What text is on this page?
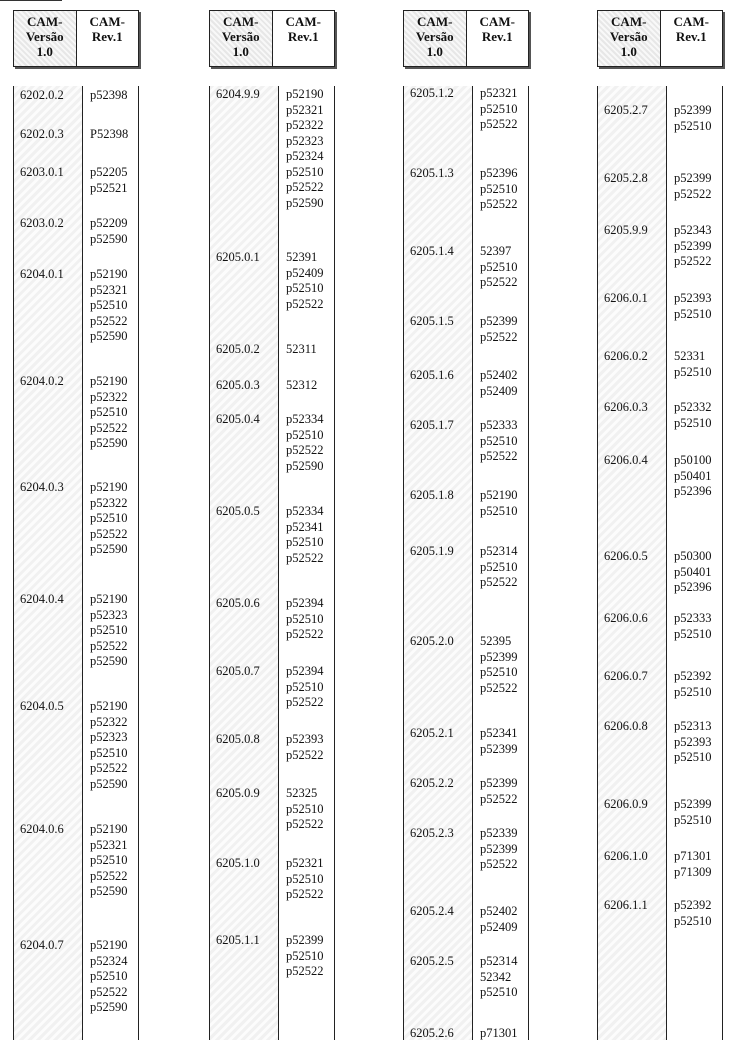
CAM-
Versão
1.0
CAM-
Rev.1
6202.0.2 p52398
6202.0.3 P52398
6203.0.1 p52205
p52521
6203.0.2 p52209
p52590
6204.0.1 p52190
p52321
p52510
p52522
p52590
6204.0.2 p52190
p52322
p52510
p52522
p52590
6204.0.3 p52190
p52322
p52510
p52522
p52590
6204.0.4 p52190
p52323
p52510
p52522
p52590
6204.0.5 p52190
p52322
p52323
p52510
p52522
p52590
6204.0.6 p52190
p52321
p52510
p52522
p52590
6204.0.7 p52190
p52324
p52510
p52522
p52590
CAM-
Versão
1.0
CAM-
Rev.1
6204.9.9 p52190
p52321
p52322
p52323
p52324
p52510
p52522
p52590
6205.0.1 52391
p52409
p52510
p52522
6205.0.2 52311
6205.0.3 52312
6205.0.4 p52334
p52510
p52522
p52590
6205.0.5 p52334
p52341
p52510
p52522
6205.0.6 p52394
p52510
p52522
6205.0.7 p52394
p52510
p52522
6205.0.8 p52393
p52522
6205.0.9 52325
p52510
p52522
6205.1.0 p52321
p52510
p52522
6205.1.1 p52399
p52510
p52522
CAM-
Versão
1.0
CAM-
Rev.1
6205.1.2 p52321
p52510
p52522
6205.1.3 p52396
p52510
p52522
6205.1.4 52397
p52510
p52522
6205.1.5 p52399
p52522
6205.1.6 p52402
p52409
6205.1.7 p52333
p52510
p52522
6205.1.8 p52190
p52510
6205.1.9 p52314
p52510
p52522
6205.2.0 52395
p52399
p52510
p52522
6205.2.1 p52341
p52399
6205.2.2 p52399
p52522
6205.2.3 p52339
p52399
p52522
6205.2.4 p52402
p52409
6205.2.5 p52314
52342
p52510
6205.2.6 p71301
CAM-
Versão
1.0
CAM-
Rev.1
6205.2.7 p52399
p52510
6205.2.8 p52399
p52522
6205.9.9 p52343
p52399
p52522
6206.0.1 p52393
p52510
6206.0.2 52331
p52510
6206.0.3 p52332
p52510
6206.0.4 p50100
p50401
p52396
6206.0.5 p50300
p50401
p52396
6206.0.6 p52333
p52510
6206.0.7 p52392
p52510
6206.0.8 p52313
p52393
p52510
6206.0.9 p52399
p52510
6206.1.0 p71301
p71309
6206.1.1 p52392
p52510
